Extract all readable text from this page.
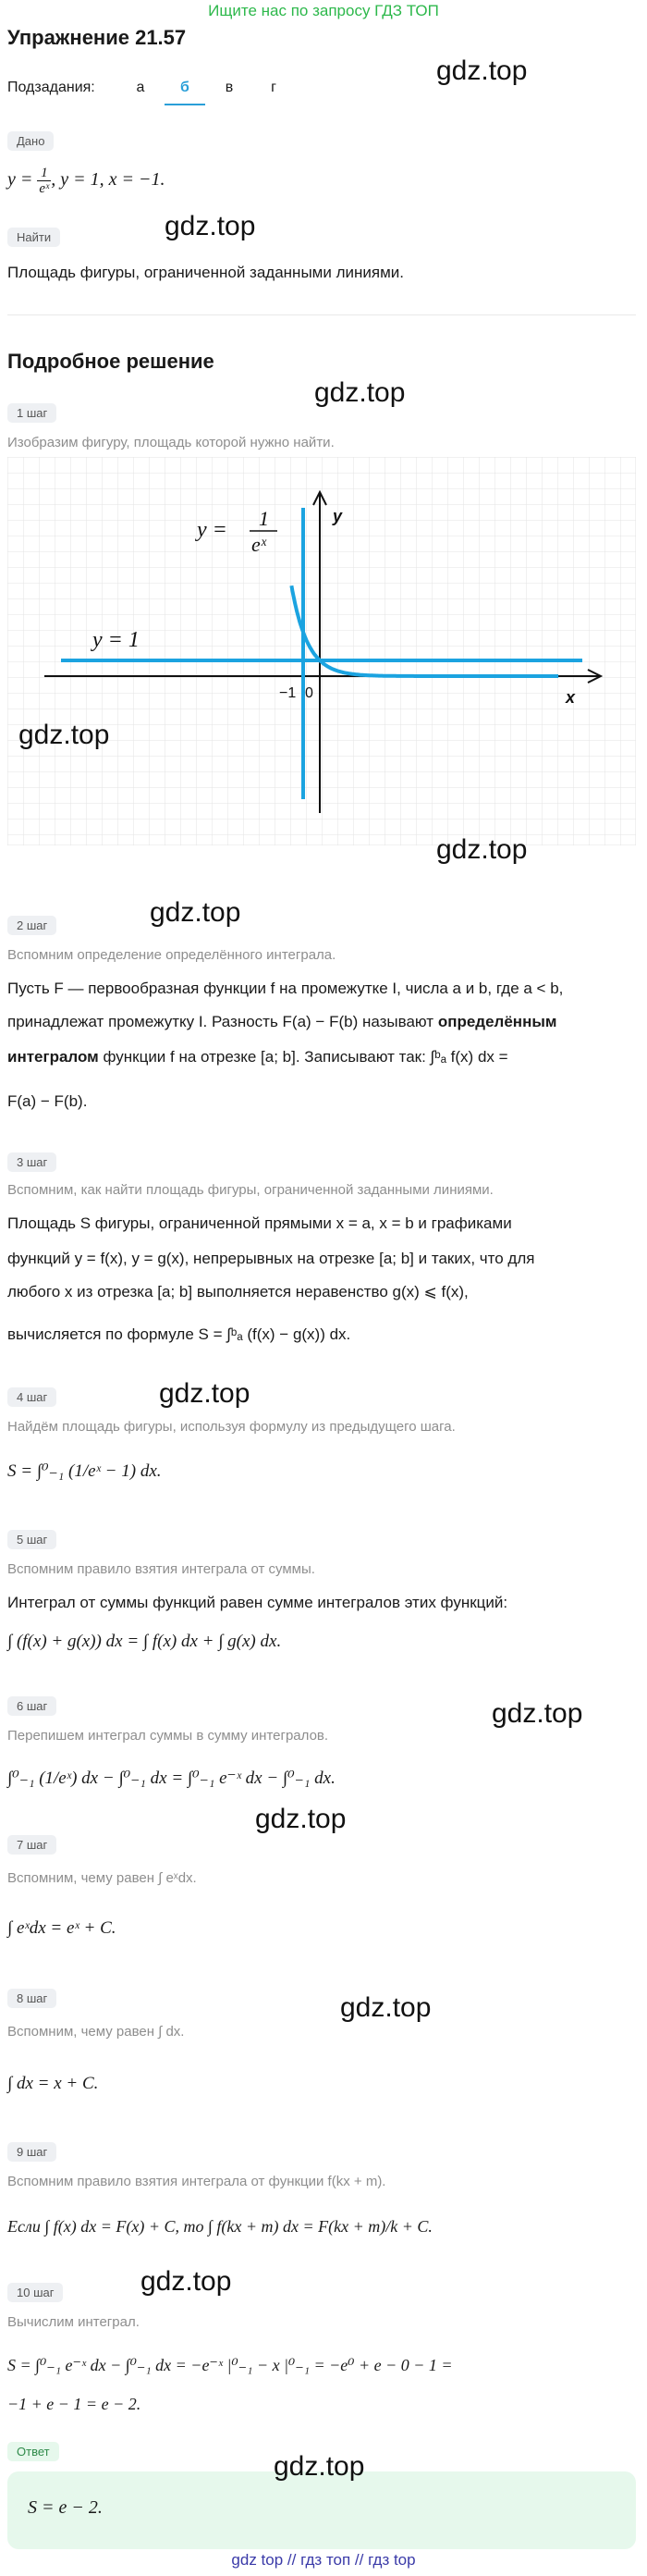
Ищите нас по запросу ГДЗ ТОП
Упражнение 21.57
Подзадания:	а	б	в	г
Дано
$y = \frac{1}{\text{eˣ}}$ , y = 1, x = −1.
Найти
Площадь фигуры, ограниченной заданными линиями.
Подробное решение
1 шаг
Изобразим фигуру, площадь которой нужно найти.
y = 1
eˣ
y = 1
x
y
−1 0
2 шаг
Вспомним определение определённого интеграла.
Пусть F — первообразная функции f на промежутке I, числа a и b, где a < b,
принадлежат промежутку I. Разность F(a) − F(b) называют определённым
интегралом функции f на отрезке [a; b]. Записывают так: ∫ᵇₐ f(x) dx =
F(a) − F(b).
3 шаг
Вспомним, как найти площадь фигуры, ограниченной заданными линиями.
Площадь S фигуры, ограниченной прямыми x = a, x = b и графиками
функций y = f(x), y = g(x), непрерывных на отрезке [a; b] и таких, что для
любого x из отрезка [a; b] выполняется неравенство g(x) ⩽ f(x),
вычисляется по формуле S = ∫ᵇₐ (f(x) − g(x)) dx.
4 шаг
Найдём площадь фигуры, используя формулу из предыдущего шага.
S = ∫⁰₋₁ (1/eˣ − 1) dx.
5 шаг
Вспомним правило взятия интеграла от суммы.
Интеграл от суммы функций равен сумме интегралов этих функций:
∫ (f(x) + g(x)) dx = ∫ f(x) dx + ∫ g(x) dx.
6 шаг
Перепишем интеграл суммы в сумму интегралов.
∫⁰₋₁ (1/eˣ) dx − ∫⁰₋₁ dx = ∫⁰₋₁ e⁻ˣ dx − ∫⁰₋₁ dx.
7 шаг
Вспомним, чему равен ∫ eˣdx.
∫ eˣdx = eˣ + C.
8 шаг
Вспомним, чему равен ∫ dx.
∫ dx = x + C.
9 шаг
Вспомним правило взятия интеграла от функции f(kx + m).
Если ∫ f(x) dx = F(x) + C, то ∫ f(kx + m) dx = F(kx + m)/k + C.
10 шаг
Вычислим интеграл.
S = ∫⁰₋₁ e⁻ˣ dx − ∫⁰₋₁ dx = −e⁻ˣ |⁰₋₁ − x |⁰₋₁ = −e⁰ + e − 0 − 1 =
−1 + e − 1 = e − 2.
Ответ
S = e − 2.
gdz.top
gdz.top
gdz.top
gdz.top
gdz.top
gdz.top
gdz.top
gdz.top
gdz.top
gdz.top
gdz.top
gdz.top
gdz top // гдз топ // гдз top
